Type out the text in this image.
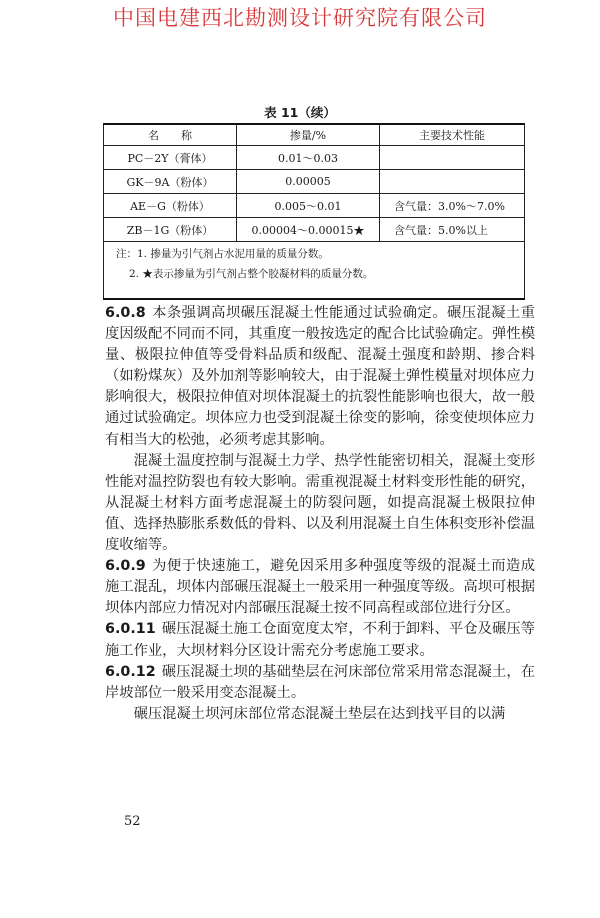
中国电建西北勘测设计研究院有限公司
表 11（续）
名　　称	掺量/%	主要技术性能
PC－2Y（膏体）	0.01～0.03	
GK－9A（粉体）	0.00005	
AE－G（粉体）	0.005～0.01	含气量：3.0%～7.0%
ZB－1G（粉体）	0.00004～0.00015★	含气量：5.0%以上

注：1. 掺量为引气剂占水泥用量的质量分数。
2. ★表示掺量为引气剂占整个胶凝材料的质量分数。		

6.0.8 本条强调高坝碾压混凝土性能通过试验确定。碾压混凝土重度因级配不同而不同，其重度一般按选定的配合比试验确定。弹性模量、极限拉伸值等受骨料品质和级配、混凝土强度和龄期、掺合料（如粉煤灰）及外加剂等影响较大，由于混凝土弹性模量对坝体应力影响很大，极限拉伸值对坝体混凝土的抗裂性能影响也很大，故一般通过试验确定。坝体应力也受到混凝土徐变的影响，徐变使坝体应力有相当大的松弛，必须考虑其影响。

混凝土温度控制与混凝土力学、热学性能密切相关，混凝土变形性能对温控防裂也有较大影响。需重视混凝土材料变形性能的研究，从混凝土材料方面考虑混凝土的防裂问题，如提高混凝土极限拉伸值、选择热膨胀系数低的骨料、以及利用混凝土自生体积变形补偿温度收缩等。

6.0.9 为便于快速施工，避免因采用多种强度等级的混凝土而造成施工混乱，坝体内部碾压混凝土一般采用一种强度等级。高坝可根据坝体内部应力情况对内部碾压混凝土按不同高程或部位进行分区。

6.0.11 碾压混凝土施工仓面宽度太窄，不利于卸料、平仓及碾压等施工作业，大坝材料分区设计需充分考虑施工要求。

6.0.12 碾压混凝土坝的基础垫层在河床部位常采用常态混凝土，在岸坡部位一般采用变态混凝土。

碾压混凝土坝河床部位常态混凝土垫层在达到找平目的以满

52
